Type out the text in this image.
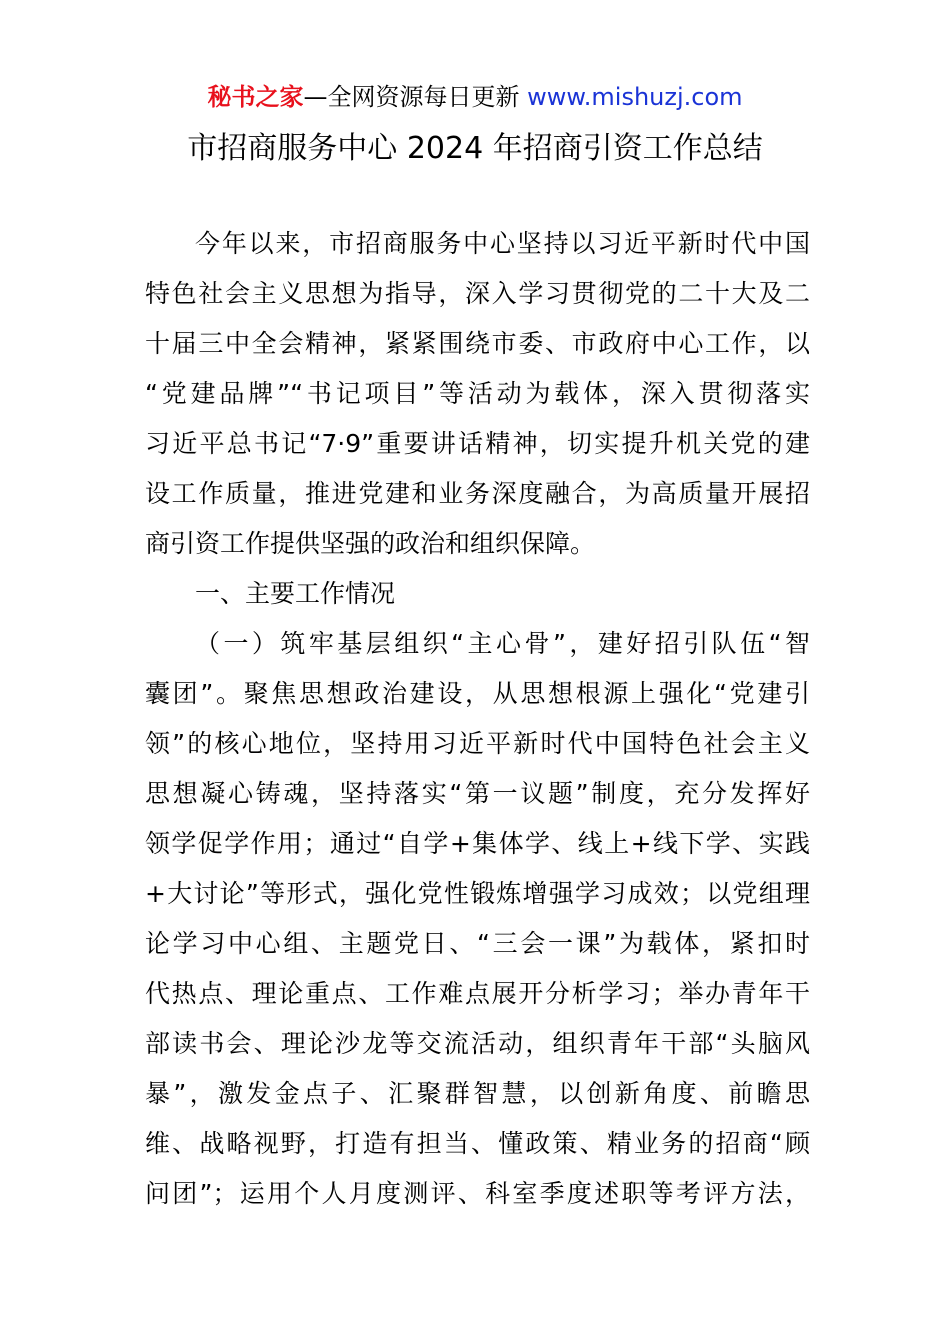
秘书之家—全网资源每日更新 www.mishuzj.com
市招商服务中心 2024 年招商引资工作总结
今年以来，市招商服务中心坚持以习近平新时代中国
特色社会主义思想为指导，深入学习贯彻党的二十大及二
十届三中全会精神，紧紧围绕市委、市政府中心工作，以
“党建品牌”“书记项目”等活动为载体，深入贯彻落实
习近平总书记“7·9”重要讲话精神，切实提升机关党的建
设工作质量，推进党建和业务深度融合，为高质量开展招
商引资工作提供坚强的政治和组织保障。
一、主要工作情况
（一）筑牢基层组织“主心骨”，建好招引队伍“智
囊团”。聚焦思想政治建设，从思想根源上强化“党建引
领”的核心地位，坚持用习近平新时代中国特色社会主义
思想凝心铸魂，坚持落实“第一议题”制度，充分发挥好
领学促学作用；通过“自学+集体学、线上+线下学、实践
+大讨论”等形式，强化党性锻炼增强学习成效；以党组理
论学习中心组、主题党日、“三会一课”为载体，紧扣时
代热点、理论重点、工作难点展开分析学习；举办青年干
部读书会、理论沙龙等交流活动，组织青年干部“头脑风
暴”，激发金点子、汇聚群智慧，以创新角度、前瞻思
维、战略视野，打造有担当、懂政策、精业务的招商“顾
问团”；运用个人月度测评、科室季度述职等考评方法，
